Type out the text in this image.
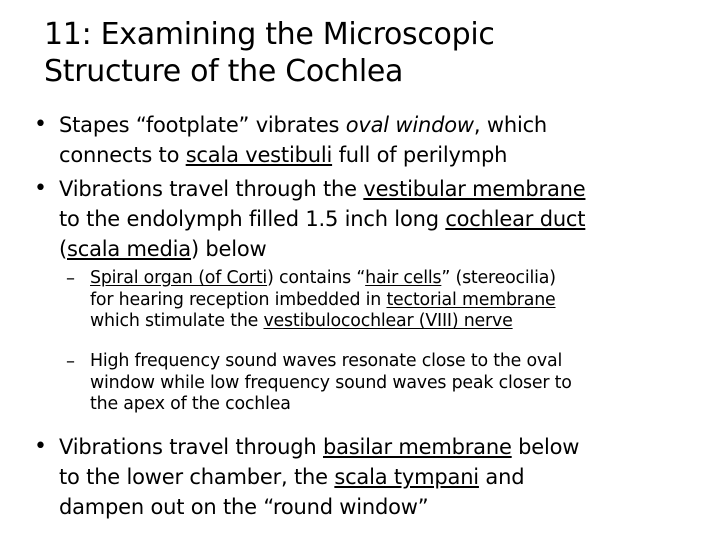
11: Examining the Microscopic
Structure of the Cochlea
• Stapes “footplate” vibrates oval window, which
connects to scala vestibuli full of perilymph
• Vibrations travel through the vestibular membrane
to the endolymph filled 1.5 inch long cochlear duct
(scala media) below
– Spiral organ (of Corti) contains “hair cells” (stereocilia)
for hearing reception imbedded in tectorial membrane
which stimulate the vestibulocochlear (VIII) nerve
– High frequency sound waves resonate close to the oval
window while low frequency sound waves peak closer to
the apex of the cochlea
• Vibrations travel through basilar membrane below
to the lower chamber, the scala tympani and
dampen out on the “round window”
